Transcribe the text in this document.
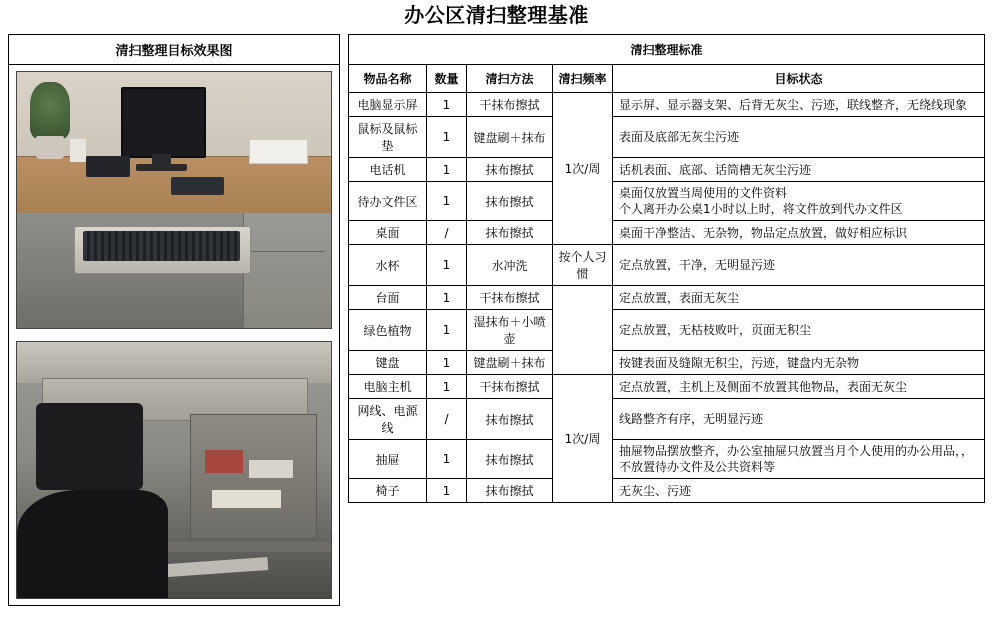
办公区清扫整理基准
清扫整理目标效果图	清扫整理标准				
物品名称	数量	清扫方法	清扫频率	目标状态
电脑显示屏	1	干抹布擦拭	1次/周	显示屏、显示器支架、后背无灰尘、污迹，联线整齐，无绕线现象
鼠标及鼠标垫	1	键盘刷＋抹布		表面及底部无灰尘污迹
电话机	1	抹布擦拭		话机表面、底部、话筒槽无灰尘污迹
待办文件区	1	抹布擦拭		桌面仅放置当周使用的文件资料
个人离开办公桌1小时以上时，将文件放到代办文件区
桌面	/	抹布擦拭		桌面干净整洁、无杂物，物品定点放置，做好相应标识
水杯	1	水冲洗	按个人习惯	定点放置，干净，无明显污迹
台面	1	干抹布擦拭		定点放置，表面无灰尘
绿色植物	1	湿抹布＋小喷壶		定点放置，无枯枝败叶，页面无积尘
键盘	1	键盘刷＋抹布		按键表面及缝隙无积尘，污迹，键盘内无杂物
电脑主机	1	干抹布擦拭	1次/周	定点放置，主机上及侧面不放置其他物品，表面无灰尘
网线、电源线	/	抹布擦拭		线路整齐有序，无明显污迹
抽屉	1	抹布擦拭		抽屉物品摆放整齐，办公室抽屉只放置当月个人使用的办公用品，，不放置待办文件及公共资料等
椅子	1	抹布擦拭		无灰尘、污迹
